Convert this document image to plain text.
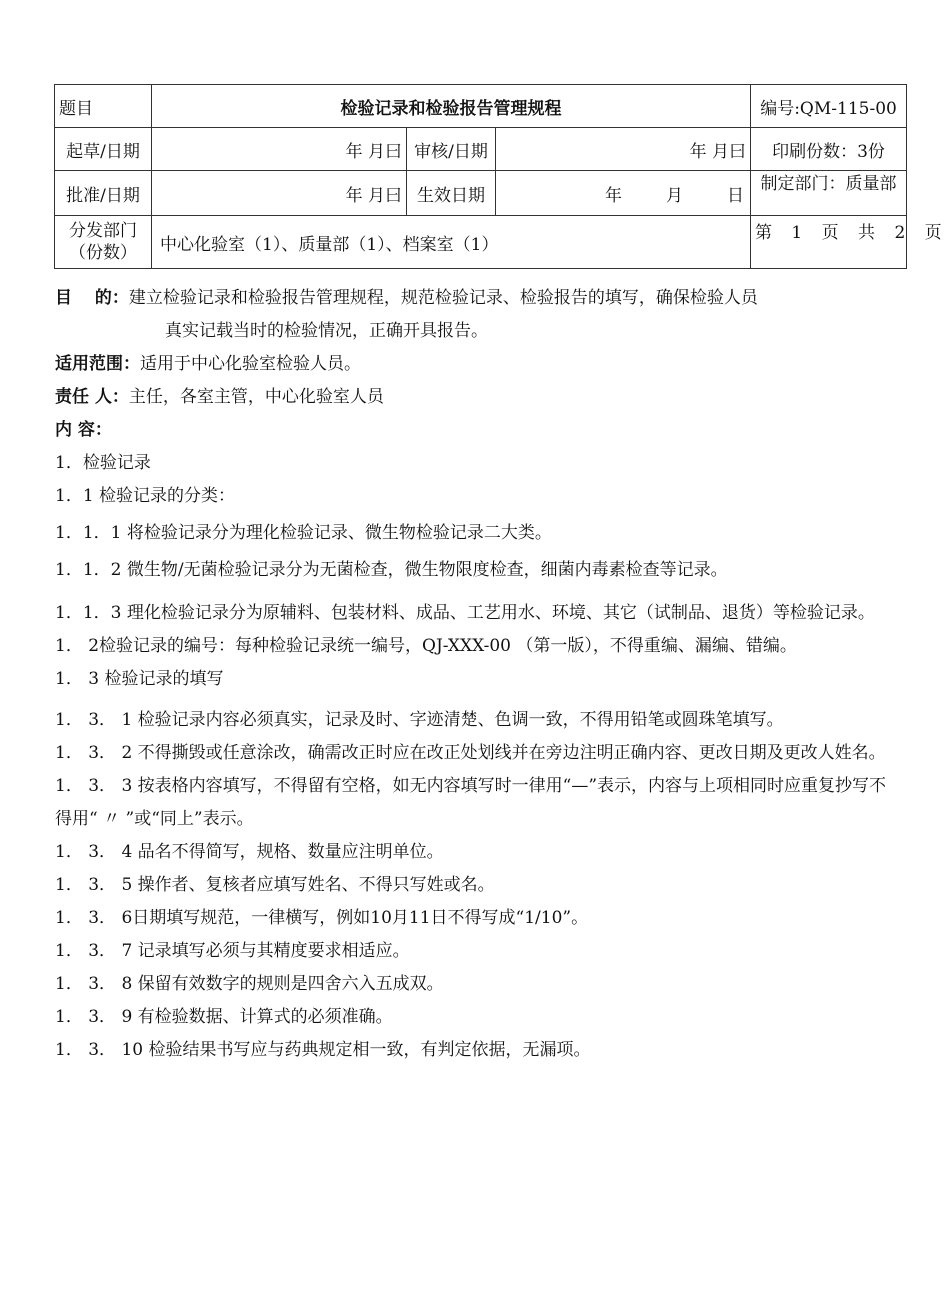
题目	检验记录和检验报告管理规程			编号:QM-115-00
起草/日期	年 月曰	审核/日期	年 月曰	印刷份数：3份
批准/日期	年 月曰	生效日期	年 月 日	制定部门：质量部
分发部门（份数）	中心化验室（1）、质量部（1）、档案室（1）			第 1 页 共 2 页
目　 的：建立检验记录和检验报告管理规程，规范检验记录、检验报告的填写，确保检验人员
真实记载当时的检验情况，正确开具报告。
适用范围：适用于中心化验室检验人员。
责任 人：主任，各室主管，中心化验室人员
内 容：
1．检验记录
1．1 检验记录的分类：
1．1．1 将检验记录分为理化检验记录、微生物检验记录二大类。
1．1．2 微生物/无菌检验记录分为无菌检查，微生物限度检查，细菌内毒素检查等记录。
1．1．3 理化检验记录分为原辅料、包装材料、成品、工艺用水、环境、其它（试制品、退货）等检验记录。
1． 2检验记录的编号：每种检验记录统一编号，QJ-XXX-00 （第一版），不得重编、漏编、错编。
1． 3 检验记录的填写
1． 3． 1 检验记录内容必须真实，记录及时、字迹清楚、色调一致，不得用铅笔或圆珠笔填写。
1． 3． 2 不得撕毁或任意涂改，确需改正时应在改正处划线并在旁边注明正确内容、更改日期及更改人姓名。
1． 3． 3 按表格内容填写，不得留有空格，如无内容填写时一律用“—”表示，内容与上项相同时应重复抄写不得用“ 〃 ”或“同上”表示。
1． 3． 4 品名不得简写，规格、数量应注明单位。
1． 3． 5 操作者、复核者应填写姓名、不得只写姓或名。
1． 3． 6日期填写规范，一律横写，例如10月11日不得写成“1/10”。
1． 3． 7 记录填写必须与其精度要求相适应。
1． 3． 8 保留有效数字的规则是四舍六入五成双。
1． 3． 9 有检验数据、计算式的必须准确。
1． 3． 10 检验结果书写应与药典规定相一致，有判定依据，无漏项。
